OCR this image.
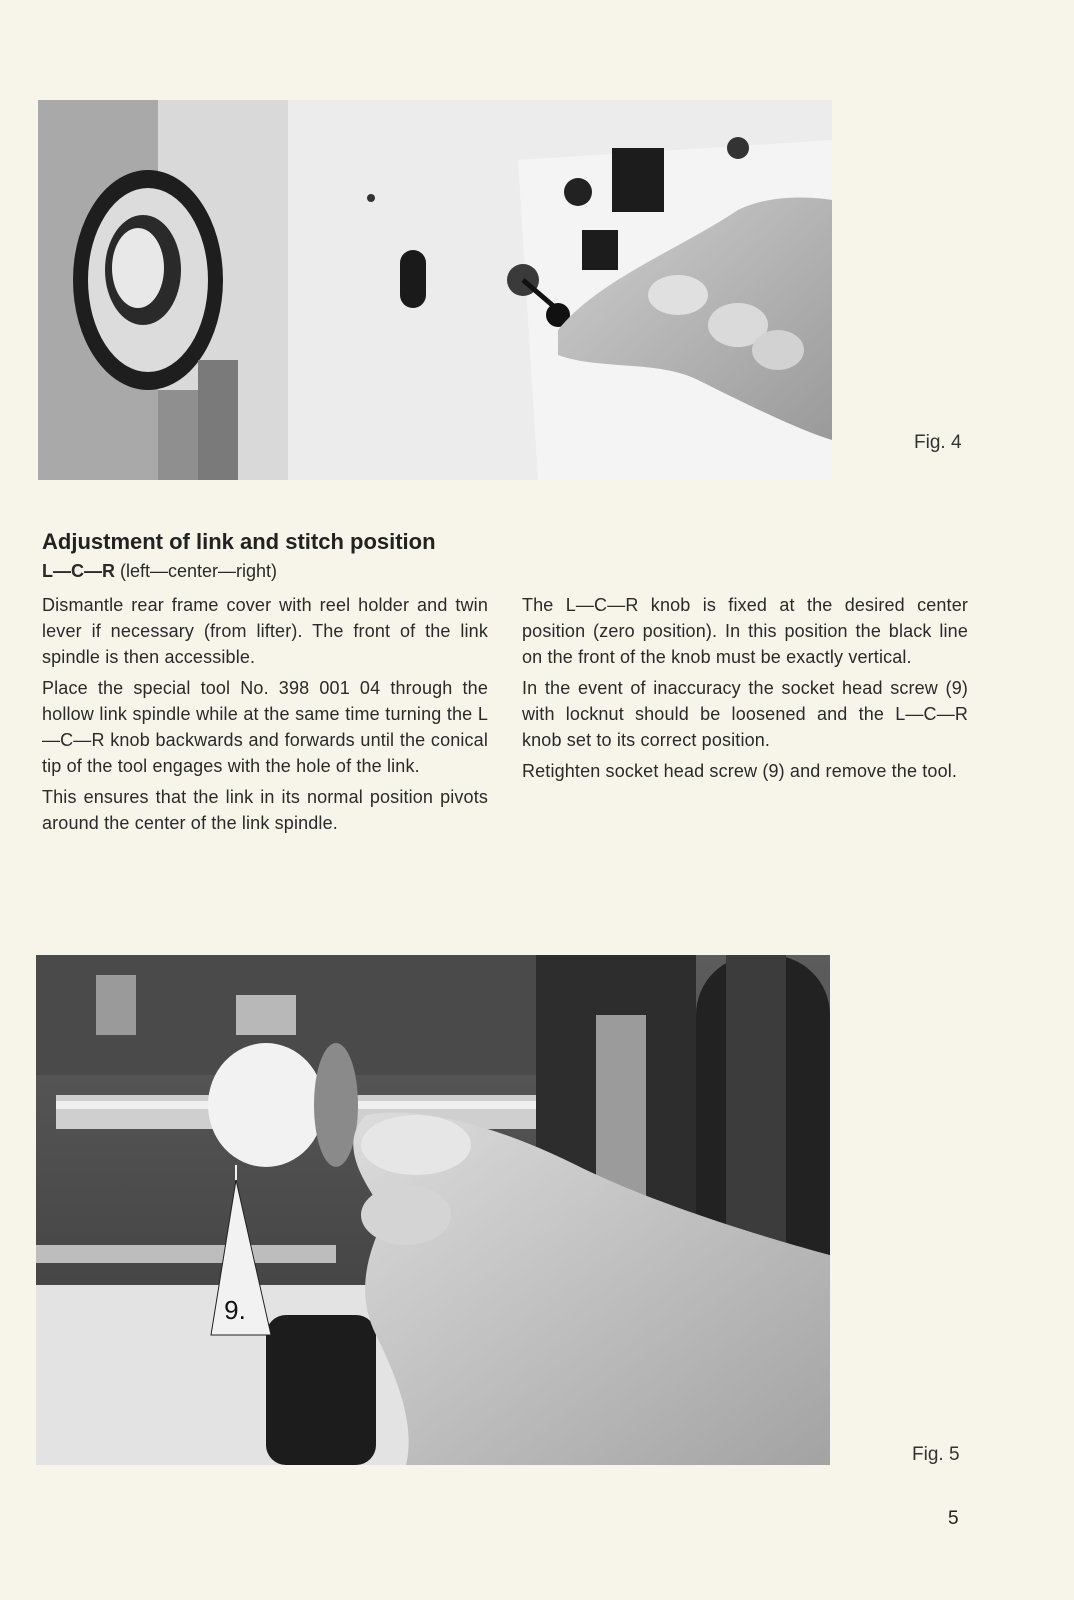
Fig. 4
Adjustment of link and stitch position
L—C—R (left—center—right)

Dismantle rear frame cover with reel holder and twin lever if necessary (from lifter). The front of the link spindle is then accessible.

Place the special tool No. 398 001 04 through the hollow link spindle while at the same time turning the L—C—R knob backwards and forwards until the conical tip of the tool engages with the hole of the link.

This ensures that the link in its normal position pivots around the center of the link spindle.

The L—C—R knob is fixed at the desired center position (zero position). In this position the black line on the front of the knob must be exactly vertical.

In the event of inaccuracy the socket head screw (9) with locknut should be loosened and the L—C—R knob set to its correct position.

Retighten socket head screw (9) and remove the tool.

9.
Fig. 5
5
